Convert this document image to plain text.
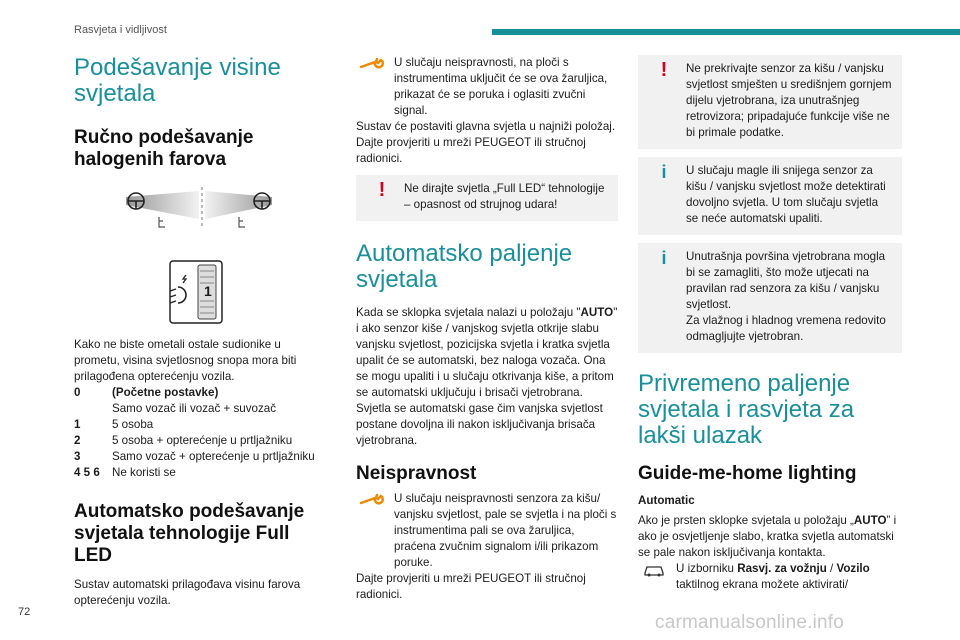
Rasvjeta i vidljivost
Podešavanje visine svjetala
Ručno podešavanje halogenih farova
1

Kako ne biste ometali ostale sudionike u prometu, visina svjetlosnog snopa mora biti prilagođena opterećenju vozila.

0	(Početne postavke)
Samo vozač ili vozač + suvozač
1	5 osoba
2	5 osoba + opterećenje u prtljažniku
3	Samo vozač + opterećenje u prtljažniku
4 5 6	Ne koristi se
Automatsko podešavanje svjetala tehnologije Full LED

Sustav automatski prilagođava visinu farova opterećenju vozila.

U slučaju neispravnosti, na ploči s instrumentima uključit će se ova žaruljica, prikazat će se poruka i oglasiti zvučni signal.

Sustav će postaviti glavna svjetla u najniži položaj.

Dajte provjeriti u mreži PEUGEOT ili stručnoj radionici.

!	Ne dirajte svjetla „Full LED“ tehnologije – opasnost od strujnog udara!

Automatsko paljenje svjetala

Kada se sklopka svjetala nalazi u položaju "AUTO" i ako senzor kiše / vanjskog svjetla otkrije slabu vanjsku svjetlost, pozicijska svjetla i kratka svjetla upalit će se automatski, bez naloga vozača. Ona se mogu upaliti i u slučaju otkrivanja kiše, a pritom se automatski uključuju i brisači vjetrobrana.

Svjetla se automatski gase čim vanjska svjetlost postane dovoljna ili nakon isključivanja brisača vjetrobrana.

Neispravnost

U slučaju neispravnosti senzora za kišu/ vanjsku svjetlost, pale se svjetla i na ploči s instrumentima pali se ova žaruljica, praćena zvučnim signalom i/ili prikazom poruke.

Dajte provjeriti u mreži PEUGEOT ili stručnoj radionici.

!	Ne prekrivajte senzor za kišu / vanjsku svjetlost smješten u središnjem gornjem dijelu vjetrobrana, iza unutrašnjeg retrovizora; pripadajuće funkcije više ne bi primale podatke.

i	U slučaju magle ili snijega senzor za kišu / vanjsku svjetlost može detektirati dovoljno svjetla. U tom slučaju svjetla se neće automatski upaliti.

i	Unutrašnja površina vjetrobrana mogla bi se zamagliti, što može utjecati na pravilan rad senzora za kišu / vanjsku svjetlost.

Za vlažnog i hladnog vremena redovito odmagljujte vjetrobran.

Privremeno paljenje svjetala i rasvjeta za lakši ulazak
Guide-me-home lighting

Automatic

Ako je prsten sklopke svjetala u položaju „AUTO” i ako je osvjetljenje slabo, kratka svjetla automatski se pale nakon isključivanja kontakta.

U izborniku Rasvj. za vožnju / Vozilo taktilnog ekrana možete aktivirati/

72	carmanualsonline.info
